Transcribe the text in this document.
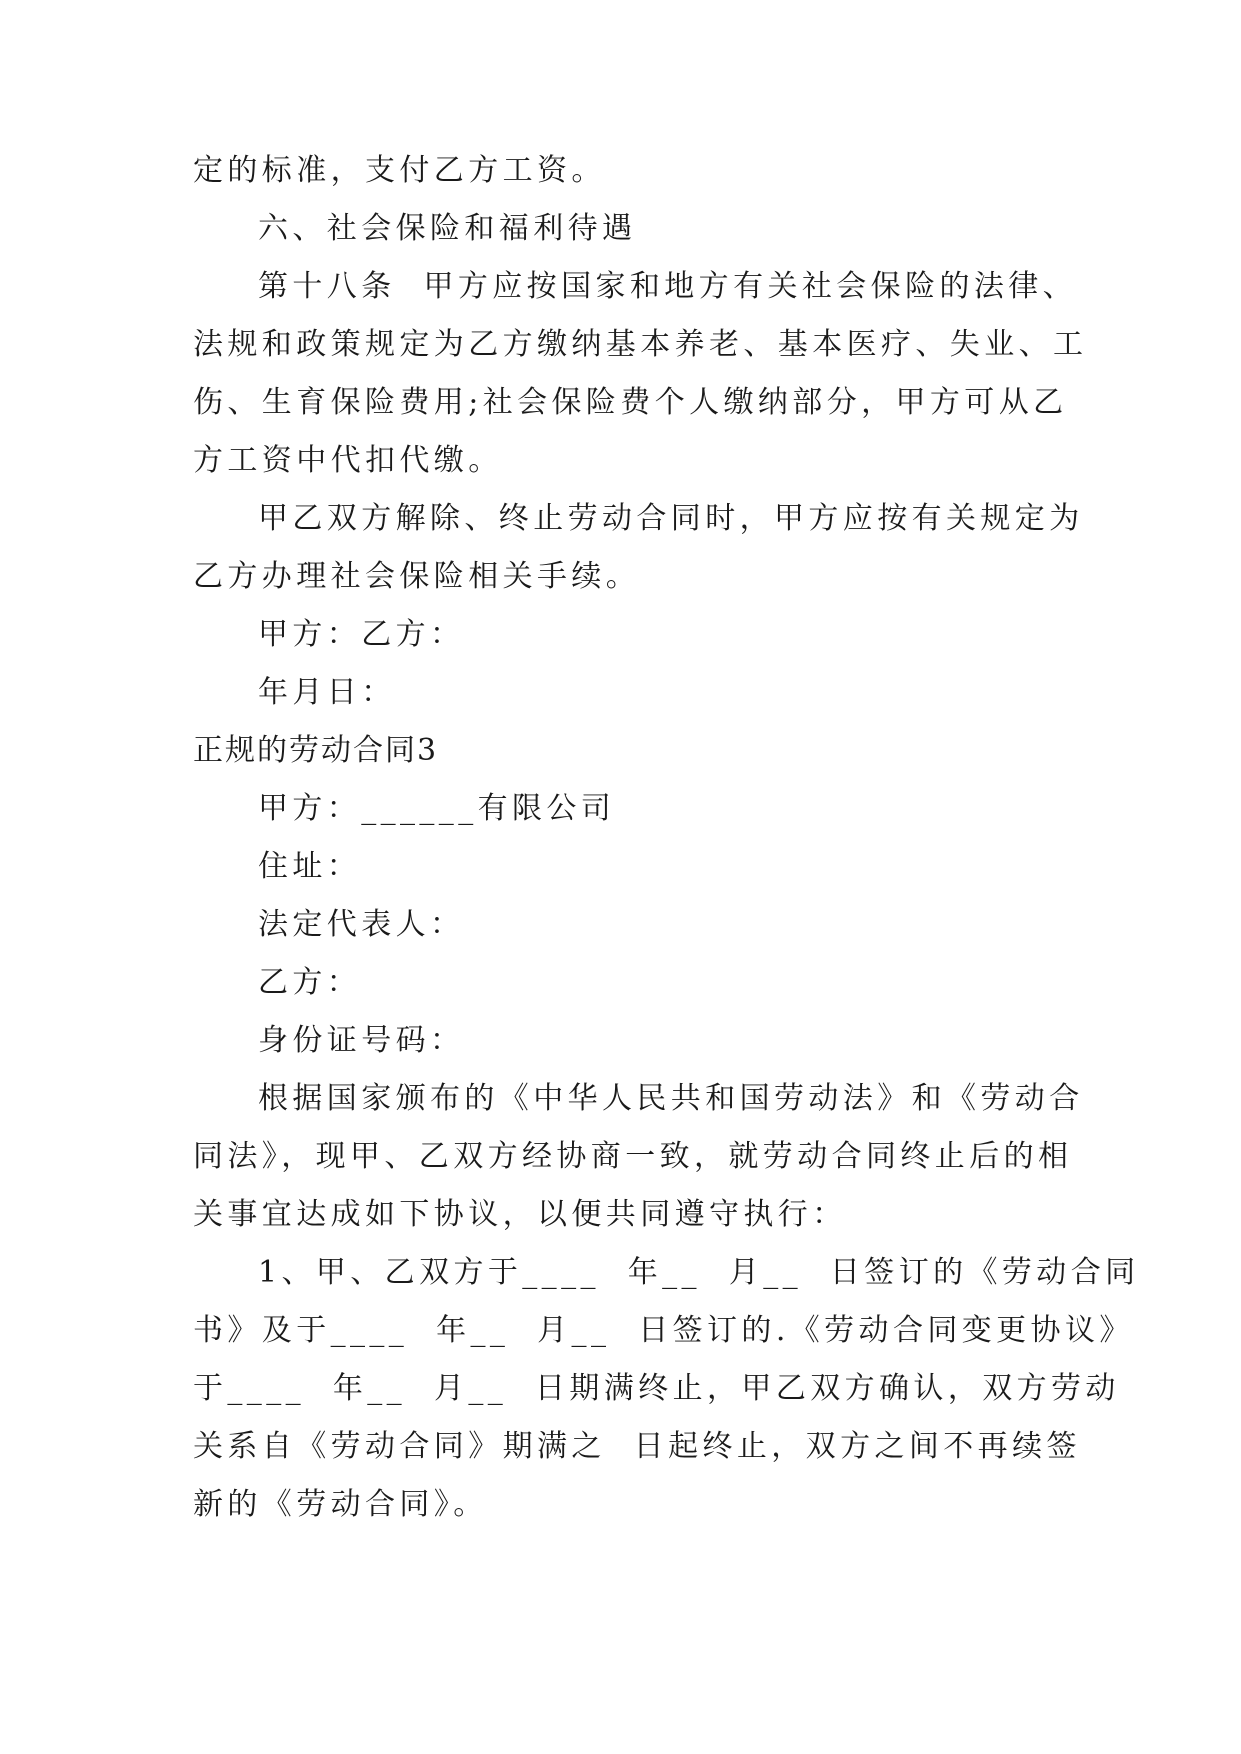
定的标准，支付乙方工资。
六、社会保险和福利待遇
第十八条  甲方应按国家和地方有关社会保险的法律、
法规和政策规定为乙方缴纳基本养老、基本医疗、失业、工
伤、生育保险费用;社会保险费个人缴纳部分，甲方可从乙
方工资中代扣代缴。
甲乙双方解除、终止劳动合同时，甲方应按有关规定为
乙方办理社会保险相关手续。
甲方：乙方：
年月日：
正规的劳动合同3
甲方：______有限公司
住址：
法定代表人：
乙方：
身份证号码：
根据国家颁布的《中华人民共和国劳动法》和《劳动合
同法》，现甲、乙双方经协商一致，就劳动合同终止后的相
关事宜达成如下协议，以便共同遵守执行：
1、甲、乙双方于____  年__  月__  日签订的《劳动合同
书》及于____  年__  月__  日签订的.《劳动合同变更协议》
于____  年__  月__  日期满终止，甲乙双方确认，双方劳动
关系自《劳动合同》期满之  日起终止，双方之间不再续签
新的《劳动合同》。
